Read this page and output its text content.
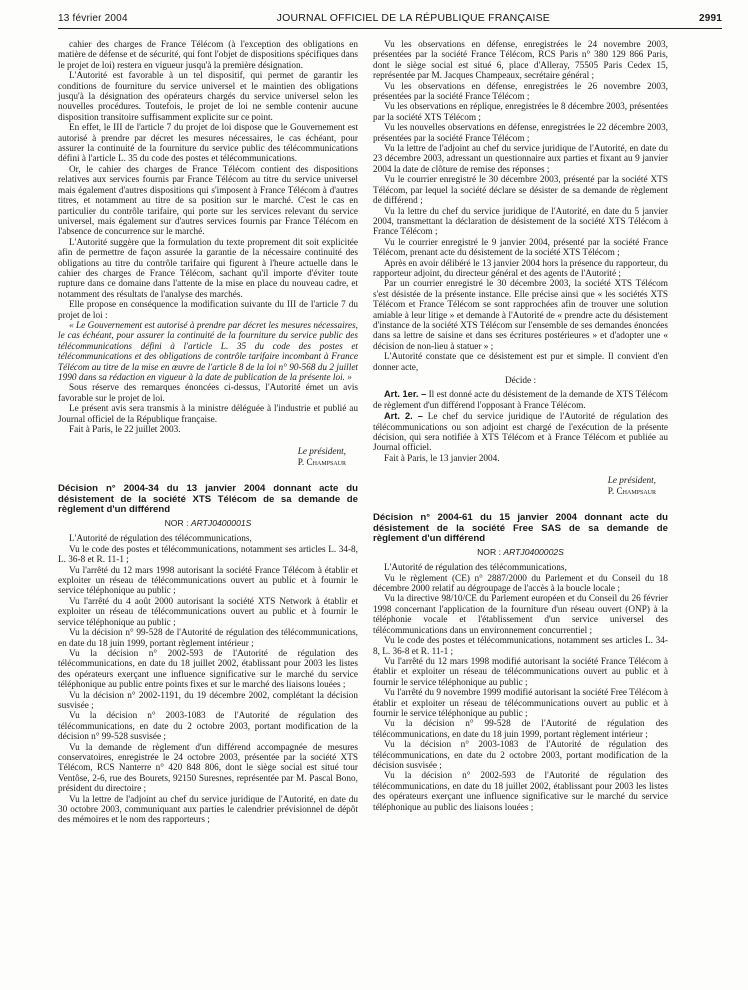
13 février 2004	JOURNAL OFFICIEL DE LA RÉPUBLIQUE FRANÇAISE	2991

cahier des charges de France Télécom (à l'exception des obligations en matière de défense et de sécurité, qui font l'objet de dispositions spécifiques dans le projet de loi) restera en vigueur jusqu'à la première désignation.

L'Autorité est favorable à un tel dispositif, qui permet de garantir les conditions de fourniture du service universel et le maintien des obligations jusqu'à la désignation des opérateurs chargés du service universel selon les nouvelles procédures. Toutefois, le projet de loi ne semble contenir aucune disposition transitoire suffisamment explicite sur ce point.

En effet, le III de l'article 7 du projet de loi dispose que le Gouvernement est autorisé à prendre par décret les mesures nécessaires, le cas échéant, pour assurer la continuité de la fourniture du service public des télécommunications défini à l'article L. 35 du code des postes et télécommunications.

Or, le cahier des charges de France Télécom contient des dispositions relatives aux services fournis par France Télécom au titre du service universel mais également d'autres dispositions qui s'imposent à France Télécom à d'autres titres, et notamment au titre de sa position sur le marché. C'est le cas en particulier du contrôle tarifaire, qui porte sur les services relevant du service universel, mais également sur d'autres services fournis par France Télécom en l'absence de concurrence sur le marché.

L'Autorité suggère que la formulation du texte proprement dit soit explicitée afin de permettre de façon assurée la garantie de la nécessaire continuité des obligations au titre du contrôle tarifaire qui figurent à l'heure actuelle dans le cahier des charges de France Télécom, sachant qu'il importe d'éviter toute rupture dans ce domaine dans l'attente de la mise en place du nouveau cadre, et notamment des résultats de l'analyse des marchés.

Elle propose en conséquence la modification suivante du III de l'article 7 du projet de loi :

« Le Gouvernement est autorisé à prendre par décret les mesures nécessaires, le cas échéant, pour assurer la continuité de la fourniture du service public des télécommunications défini à l'article L. 35 du code des postes et télécommunications et des obligations de contrôle tarifaire incombant à France Télécom au titre de la mise en œuvre de l'article 8 de la loi n° 90-568 du 2 juillet 1990 dans sa rédaction en vigueur à la date de publication de la présente loi. »

Sous réserve des remarques énoncées ci-dessus, l'Autorité émet un avis favorable sur le projet de loi.

Le présent avis sera transmis à la ministre déléguée à l'industrie et publié au Journal officiel de la République française.

Fait à Paris, le 22 juillet 2003.

Le président,
P. Champsaur

Décision n° 2004-34 du 13 janvier 2004 donnant acte du désistement de la société XTS Télécom de sa demande de règlement d'un différend
NOR : ARTJ0400001S

L'Autorité de régulation des télécommunications,

Vu le code des postes et télécommunications, notamment ses articles L. 34-8, L. 36-8 et R. 11-1 ;

Vu l'arrêté du 12 mars 1998 autorisant la société France Télécom à établir et exploiter un réseau de télécommunications ouvert au public et à fournir le service téléphonique au public ;

Vu l'arrêté du 4 août 2000 autorisant la société XTS Network à établir et exploiter un réseau de télécommunications ouvert au public et à fournir le service téléphonique au public ;

Vu la décision n° 99-528 de l'Autorité de régulation des télécommunications, en date du 18 juin 1999, portant règlement intérieur ;

Vu la décision n° 2002-593 de l'Autorité de régulation des télécommunications, en date du 18 juillet 2002, établissant pour 2003 les listes des opérateurs exerçant une influence significative sur le marché du service téléphonique au public entre points fixes et sur le marché des liaisons louées ;

Vu la décision n° 2002-1191, du 19 décembre 2002, complétant la décision susvisée ;

Vu la décision n° 2003-1083 de l'Autorité de régulation des télécommunications, en date du 2 octobre 2003, portant modification de la décision n° 99-528 susvisée ;

Vu la demande de règlement d'un différend accompagnée de mesures conservatoires, enregistrée le 24 octobre 2003, présentée par la société XTS Télécom, RCS Nanterre n° 420 848 806, dont le siège social est situé tour Ventôse, 2-6, rue des Bourets, 92150 Suresnes, représentée par M. Pascal Bono, président du directoire ;

Vu la lettre de l'adjoint au chef du service juridique de l'Autorité, en date du 30 octobre 2003, communiquant aux parties le calendrier prévisionnel de dépôt des mémoires et le nom des rapporteurs ;

Vu les observations en défense, enregistrées le 24 novembre 2003, présentées par la société France Télécom, RCS Paris n° 380 129 866 Paris, dont le siège social est situé 6, place d'Alleray, 75505 Paris Cedex 15, représentée par M. Jacques Champeaux, secrétaire général ;

Vu les observations en défense, enregistrées le 26 novembre 2003, présentées par la société France Télécom ;

Vu les observations en réplique, enregistrées le 8 décembre 2003, présentées par la société XTS Télécom ;

Vu les nouvelles observations en défense, enregistrées le 22 décembre 2003, présentées par la société France Télécom ;

Vu la lettre de l'adjoint au chef du service juridique de l'Autorité, en date du 23 décembre 2003, adressant un questionnaire aux parties et fixant au 9 janvier 2004 la date de clôture de remise des réponses ;

Vu le courrier enregistré le 30 décembre 2003, présenté par la société XTS Télécom, par lequel la société déclare se désister de sa demande de règlement de différend ;

Vu la lettre du chef du service juridique de l'Autorité, en date du 5 janvier 2004, transmettant la déclaration de désistement de la société XTS Télécom à France Télécom ;

Vu le courrier enregistré le 9 janvier 2004, présenté par la société France Télécom, prenant acte du désistement de la société XTS Télécom ;

Après en avoir délibéré le 13 janvier 2004 hors la présence du rapporteur, du rapporteur adjoint, du directeur général et des agents de l'Autorité ;

Par un courrier enregistré le 30 décembre 2003, la société XTS Télécom s'est désistée de la présente instance. Elle précise ainsi que « les sociétés XTS Télécom et France Télécom se sont rapprochées afin de trouver une solution amiable à leur litige » et demande à l'Autorité de « prendre acte du désistement d'instance de la société XTS Télécom sur l'ensemble de ses demandes énoncées dans sa lettre de saisine et dans ses écritures postérieures » et d'adopter une « décision de non-lieu à statuer » ;

L'Autorité constate que ce désistement est pur et simple. Il convient d'en donner acte,

Décide :

Art. 1er. – Il est donné acte du désistement de la demande de XTS Télécom de règlement d'un différend l'opposant à France Télécom.

Art. 2. – Le chef du service juridique de l'Autorité de régulation des télécommunications ou son adjoint est chargé de l'exécution de la présente décision, qui sera notifiée à XTS Télécom et à France Télécom et publiée au Journal officiel.

Fait à Paris, le 13 janvier 2004.

Le président,
P. Champsaur

Décision n° 2004-61 du 15 janvier 2004 donnant acte du désistement de la société Free SAS de sa demande de règlement d'un différend
NOR : ARTJ0400002S

L'Autorité de régulation des télécommunications,

Vu le règlement (CE) n° 2887/2000 du Parlement et du Conseil du 18 décembre 2000 relatif au dégroupage de l'accès à la boucle locale ;

Vu la directive 98/10/CE du Parlement européen et du Conseil du 26 février 1998 concernant l'application de la fourniture d'un réseau ouvert (ONP) à la téléphonie vocale et l'établissement d'un service universel des télécommunications dans un environnement concurrentiel ;

Vu le code des postes et télécommunications, notamment ses articles L. 34-8, L. 36-8 et R. 11-1 ;

Vu l'arrêté du 12 mars 1998 modifié autorisant la société France Télécom à établir et exploiter un réseau de télécommunications ouvert au public et à fournir le service téléphonique au public ;

Vu l'arrêté du 9 novembre 1999 modifié autorisant la société Free Télécom à établir et exploiter un réseau de télécommunications ouvert au public et à fournir le service téléphonique au public ;

Vu la décision n° 99-528 de l'Autorité de régulation des télécommunications, en date du 18 juin 1999, portant règlement intérieur ;

Vu la décision n° 2003-1083 de l'Autorité de régulation des télécommunications, en date du 2 octobre 2003, portant modification de la décision susvisée ;

Vu la décision n° 2002-593 de l'Autorité de régulation des télécommunications, en date du 18 juillet 2002, établissant pour 2003 les listes des opérateurs exerçant une influence significative sur le marché du service téléphonique au public des liaisons louées ;
